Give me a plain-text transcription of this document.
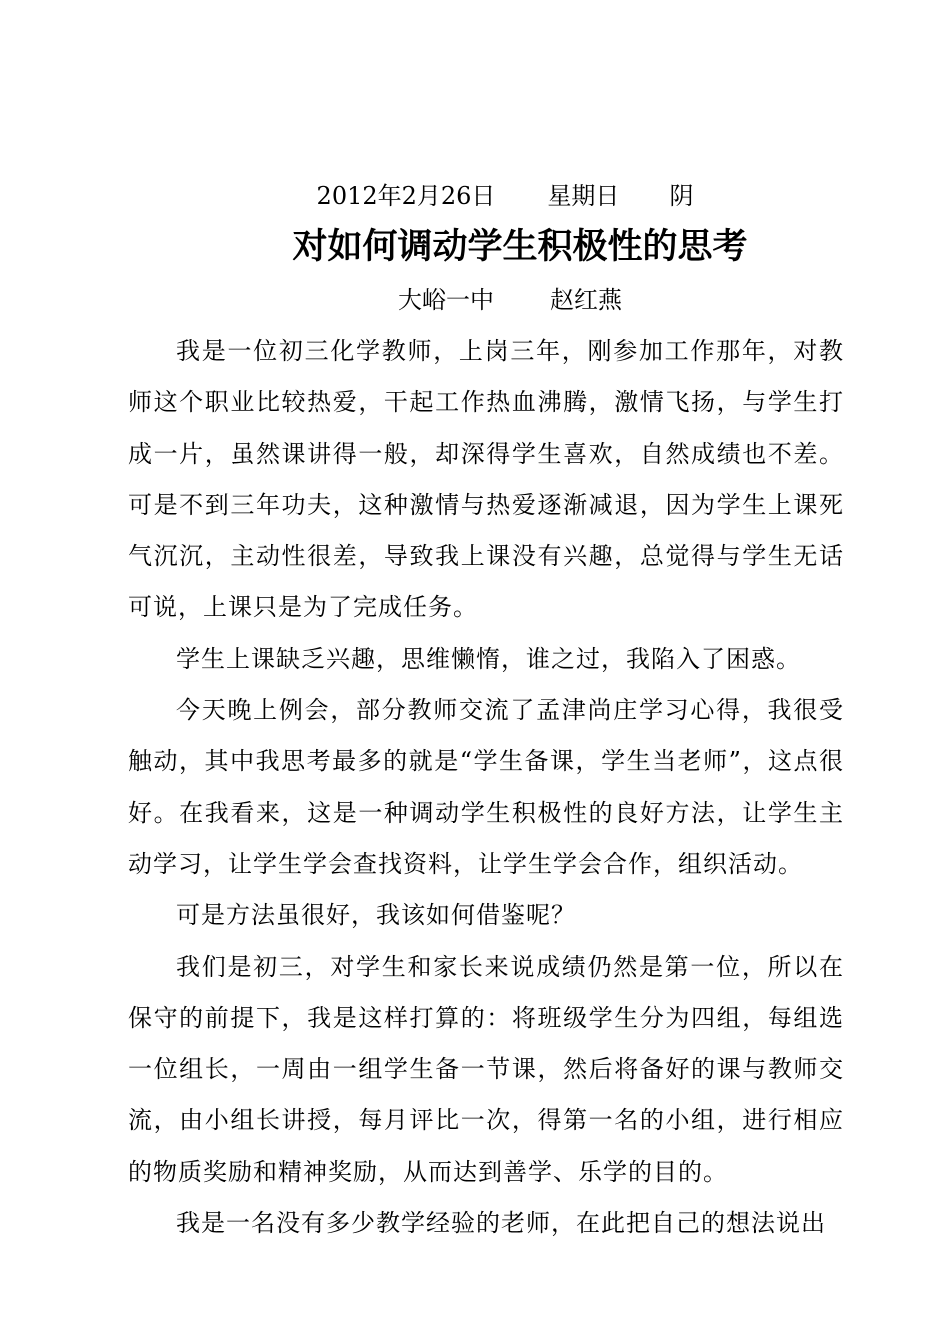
2012年2月26日 星期日 阴
对如何调动学生积极性的思考
大峪一中 赵红燕

我是一位初三化学教师，上岗三年，刚参加工作那年，对教师这个职业比较热爱，干起工作热血沸腾，激情飞扬，与学生打成一片，虽然课讲得一般，却深得学生喜欢，自然成绩也不差。可是不到三年功夫，这种激情与热爱逐渐减退，因为学生上课死气沉沉，主动性很差，导致我上课没有兴趣，总觉得与学生无话可说，上课只是为了完成任务。

学生上课缺乏兴趣，思维懒惰，谁之过，我陷入了困惑。

今天晚上例会，部分教师交流了孟津尚庄学习心得，我很受触动，其中我思考最多的就是“学生备课，学生当老师”，这点很好。在我看来，这是一种调动学生积极性的良好方法，让学生主动学习，让学生学会查找资料，让学生学会合作，组织活动。

可是方法虽很好，我该如何借鉴呢？

我们是初三，对学生和家长来说成绩仍然是第一位，所以在保守的前提下，我是这样打算的：将班级学生分为四组，每组选一位组长，一周由一组学生备一节课，然后将备好的课与教师交流，由小组长讲授，每月评比一次，得第一名的小组，进行相应的物质奖励和精神奖励，从而达到善学、乐学的目的。

我是一名没有多少教学经验的老师，在此把自己的想法说出
